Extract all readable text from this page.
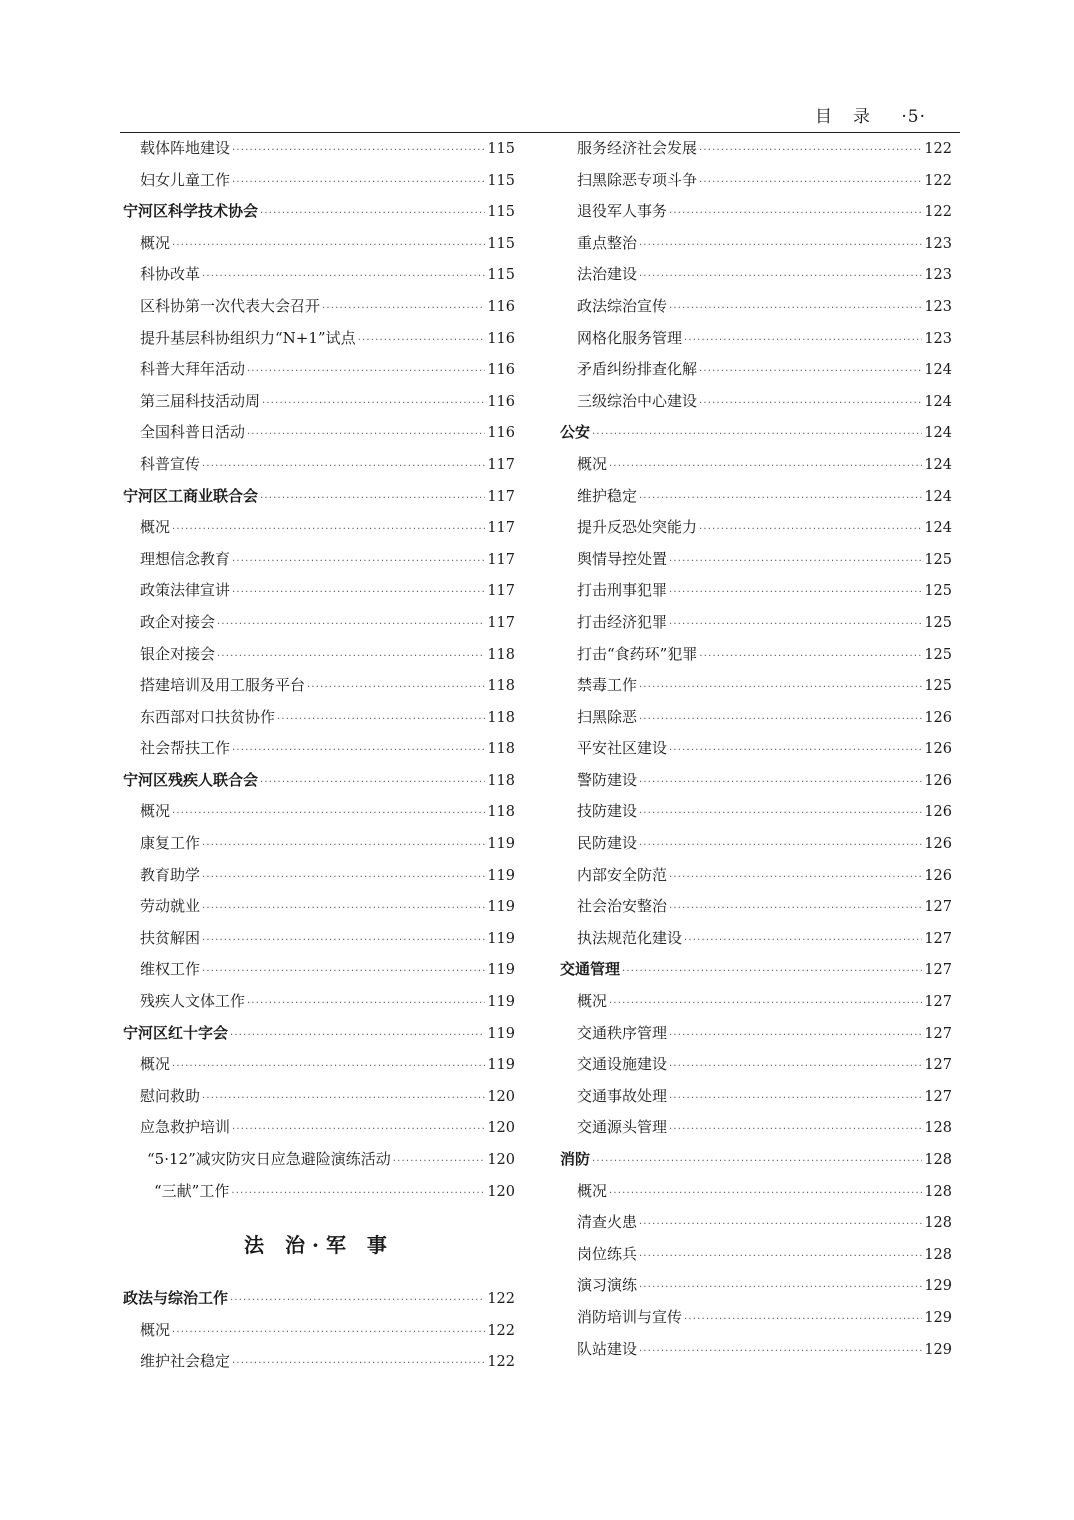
目　录 ·5·
载体阵地建设 ·····	115
妇女儿童工作 ·····	115
宁河区科学技术协会 ·····	115
概况 ·····	115
科协改革 ·····	115
区科协第一次代表大会召开 ·····	116
提升基层科协组织力“N+1”试点 ·····	116
科普大拜年活动 ·····	116
第三届科技活动周 ·····	116
全国科普日活动 ·····	116
科普宣传 ·····	117
宁河区工商业联合会 ·····	117
概况 ·····	117
理想信念教育 ·····	117
政策法律宣讲 ·····	117
政企对接会 ·····	117
银企对接会 ·····	118
搭建培训及用工服务平台 ·····	118
东西部对口扶贫协作 ·····	118
社会帮扶工作 ·····	118
宁河区残疾人联合会 ·····	118
概况 ·····	118
康复工作 ·····	119
教育助学 ·····	119
劳动就业 ·····	119
扶贫解困 ·····	119
维权工作 ·····	119
残疾人文体工作 ·····	119
宁河区红十字会 ·····	119
概况 ·····	119
慰问救助 ·····	120
应急救护培训 ·····	120
“5·12”减灾防灾日应急避险演练活动 ·····	120
“三献”工作 ·····	120
法 治·军 事
政法与综治工作 ·····	122
概况 ·····	122
维护社会稳定 ·····	122
服务经济社会发展 ·····	122
扫黑除恶专项斗争 ·····	122
退役军人事务 ·····	122
重点整治 ·····	123
法治建设 ·····	123
政法综治宣传 ·····	123
网格化服务管理 ·····	123
矛盾纠纷排查化解 ·····	124
三级综治中心建设 ·····	124
公安 ·····	124
概况 ·····	124
维护稳定 ·····	124
提升反恐处突能力 ·····	124
舆情导控处置 ·····	125
打击刑事犯罪 ·····	125
打击经济犯罪 ·····	125
打击“食药环”犯罪 ·····	125
禁毒工作 ·····	125
扫黑除恶 ·····	126
平安社区建设 ·····	126
警防建设 ·····	126
技防建设 ·····	126
民防建设 ·····	126
内部安全防范 ·····	126
社会治安整治 ·····	127
执法规范化建设 ·····	127
交通管理 ·····	127
概况 ·····	127
交通秩序管理 ·····	127
交通设施建设 ·····	127
交通事故处理 ·····	127
交通源头管理 ·····	128
消防 ·····	128
概况 ·····	128
清查火患 ·····	128
岗位练兵 ·····	128
演习演练 ·····	129
消防培训与宣传 ·····	129
队站建设 ·····	129
